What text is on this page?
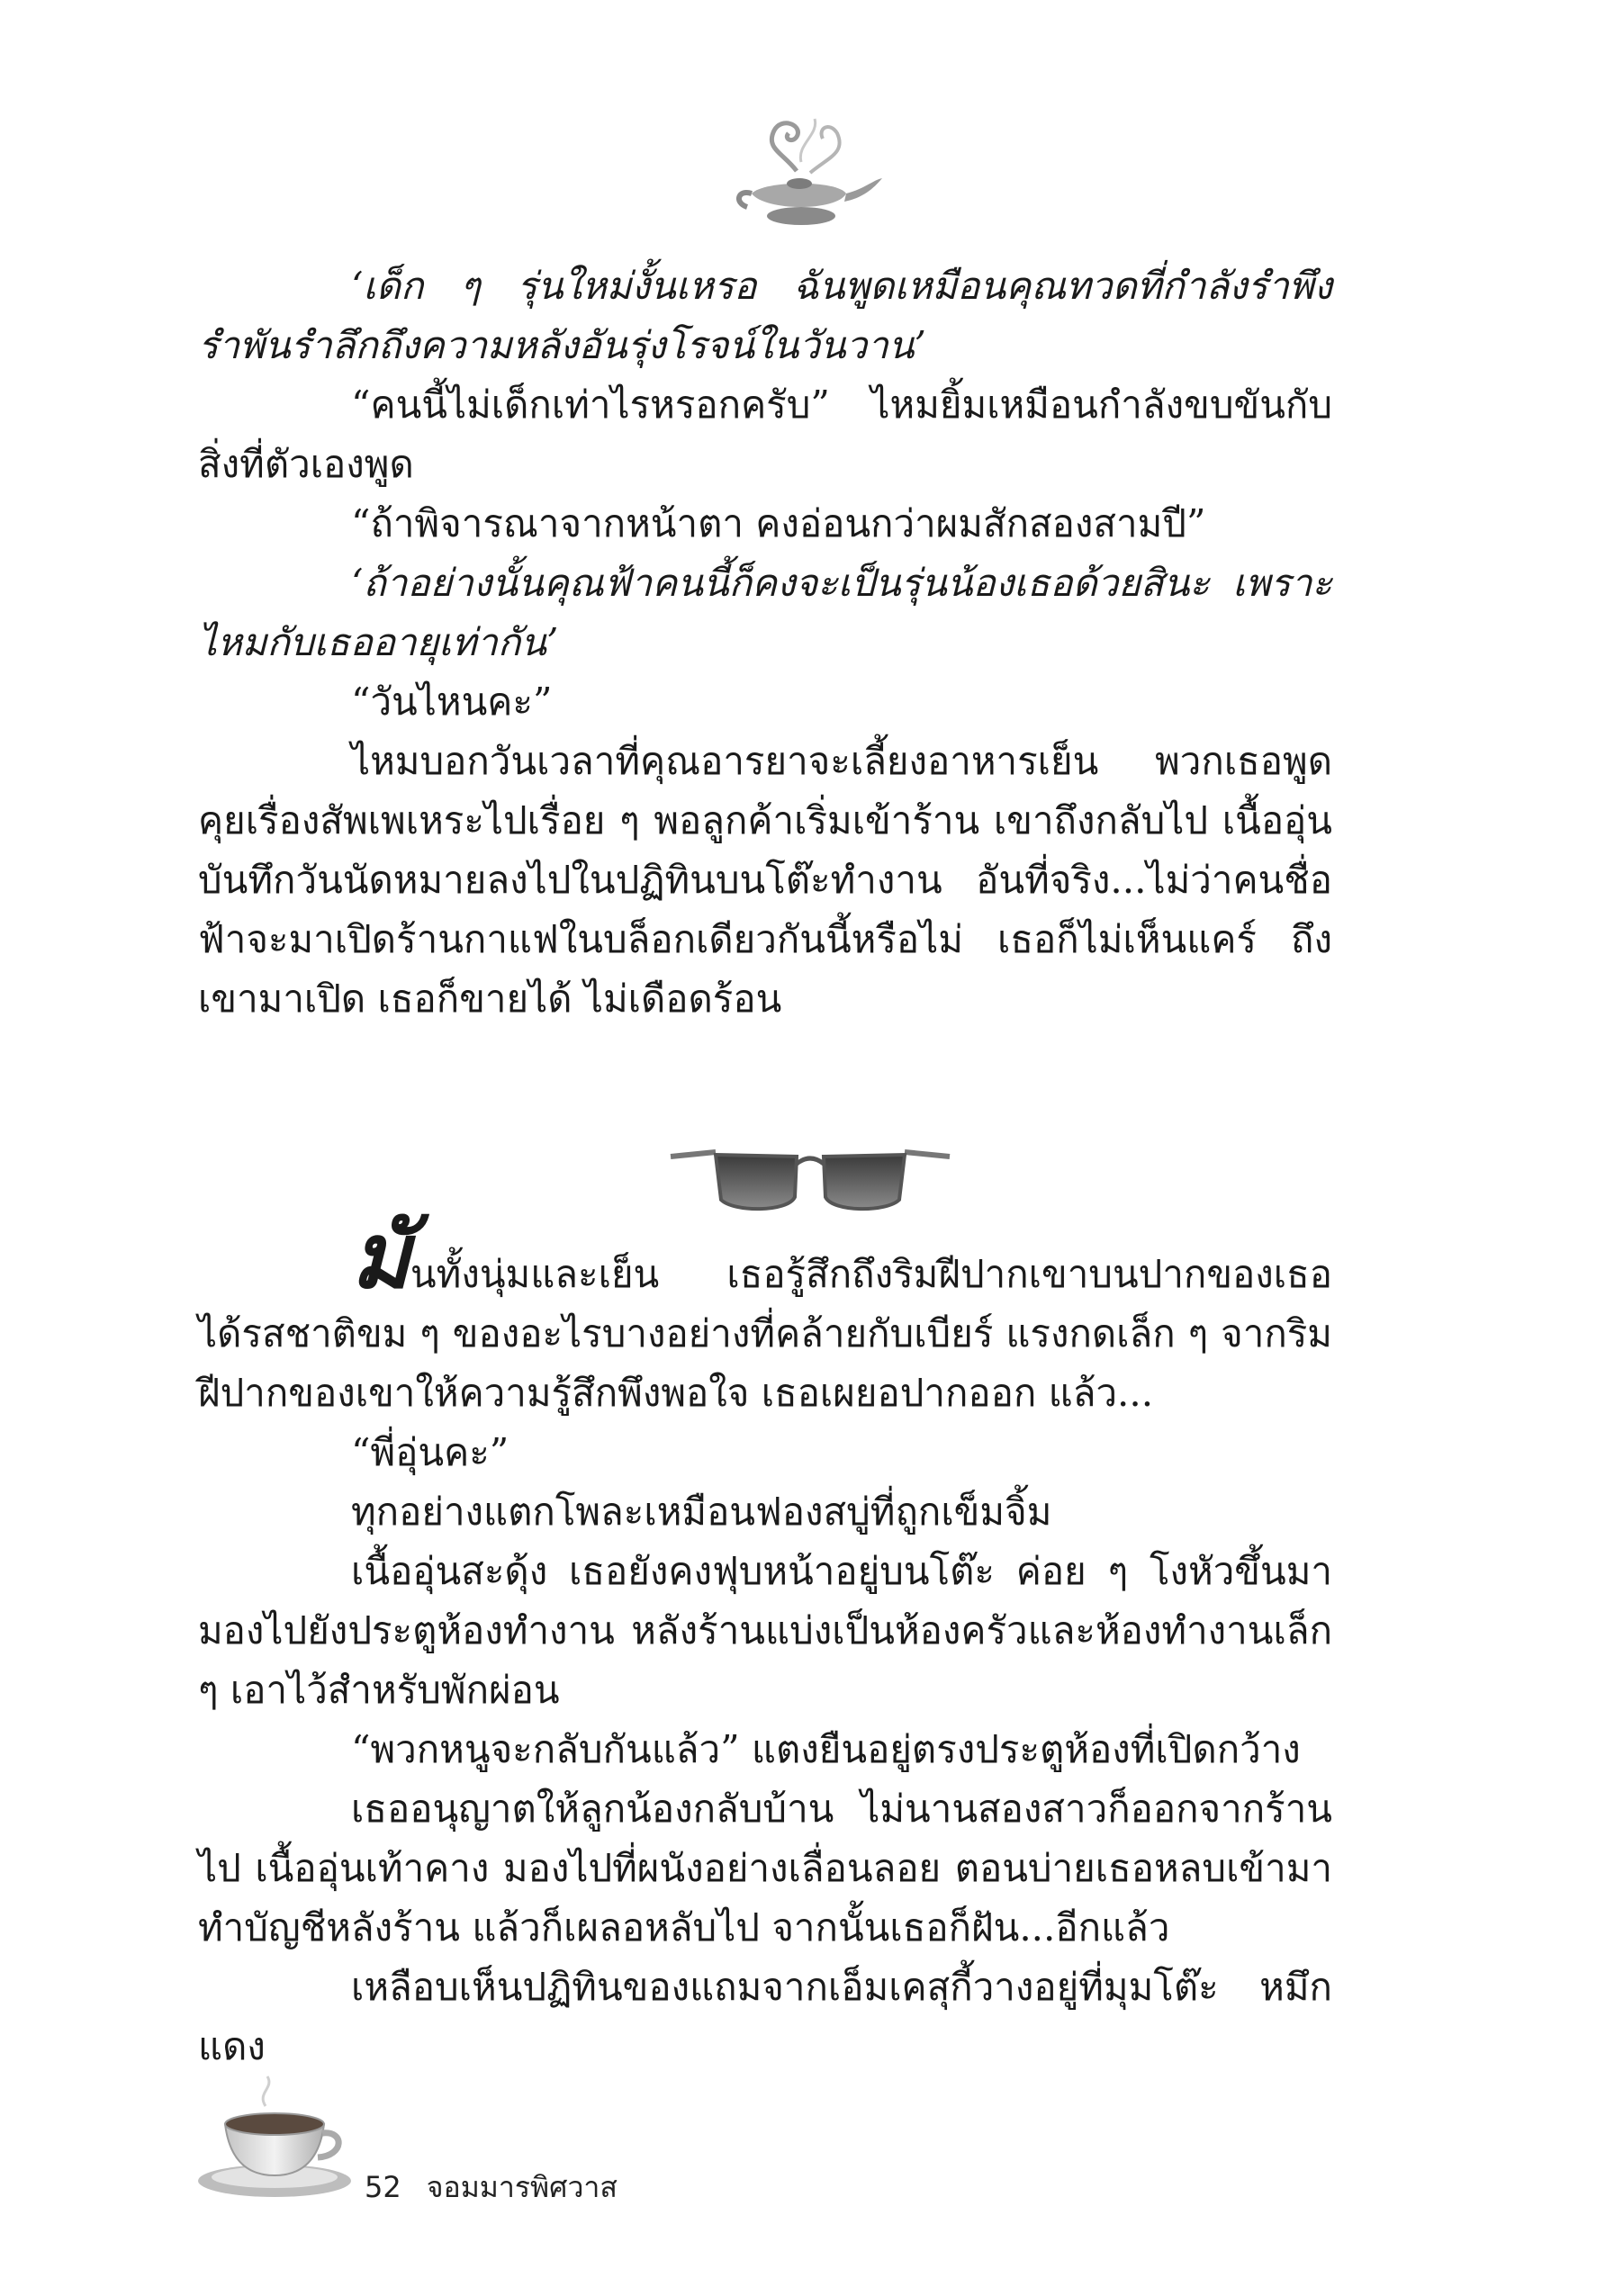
‘เด็ก ๆ รุ่นใหม่งั้นเหรอ ฉันพูดเหมือนคุณทวดที่กำลังรำพึงรำพันรำลึกถึงความหลังอันรุ่งโรจน์ในวันวาน’

“คนนี้ไม่เด็กเท่าไรหรอกครับ” ไหมยิ้มเหมือนกำลังขบขันกับสิ่งที่ตัวเองพูด

“ถ้าพิจารณาจากหน้าตา คงอ่อนกว่าผมสักสองสามปี”

‘ถ้าอย่างนั้นคุณฟ้าคนนี้ก็คงจะเป็นรุ่นน้องเธอด้วยสินะ เพราะไหมกับเธออายุเท่ากัน’

“วันไหนคะ”

ไหมบอกวันเวลาที่คุณอารยาจะเลี้ยงอาหารเย็น พวกเธอพูดคุยเรื่องสัพเพเหระไปเรื่อย ๆ พอลูกค้าเริ่มเข้าร้าน เขาถึงกลับไป เนื้ออุ่นบันทึกวันนัดหมายลงไปในปฏิทินบนโต๊ะทำงาน อันที่จริง...ไม่ว่าคนชื่อฟ้าจะมาเปิดร้านกาแฟในบล็อกเดียวกันนี้หรือไม่ เธอก็ไม่เห็นแคร์ ถึงเขามาเปิด เธอก็ขายได้ ไม่เดือดร้อน

มันทั้งนุ่มและเย็น เธอรู้สึกถึงริมฝีปากเขาบนปากของเธอ ได้รสชาติขม ๆ ของอะไรบางอย่างที่คล้ายกับเบียร์ แรงกดเล็ก ๆ จากริมฝีปากของเขาให้ความรู้สึกพึงพอใจ เธอเผยอปากออก แล้ว...

“พี่อุ่นคะ”

ทุกอย่างแตกโพละเหมือนฟองสบู่ที่ถูกเข็มจิ้ม

เนื้ออุ่นสะดุ้ง เธอยังคงฟุบหน้าอยู่บนโต๊ะ ค่อย ๆ โงหัวขึ้นมามองไปยังประตูห้องทำงาน หลังร้านแบ่งเป็นห้องครัวและห้องทำงานเล็ก ๆ เอาไว้สำหรับพักผ่อน

“พวกหนูจะกลับกันแล้ว” แตงยืนอยู่ตรงประตูห้องที่เปิดกว้าง

เธออนุญาตให้ลูกน้องกลับบ้าน ไม่นานสองสาวก็ออกจากร้านไป เนื้ออุ่นเท้าคาง มองไปที่ผนังอย่างเลื่อนลอย ตอนบ่ายเธอหลบเข้ามาทำบัญชีหลังร้าน แล้วก็เผลอหลับไป จากนั้นเธอก็ฝัน...อีกแล้ว

เหลือบเห็นปฏิทินของแถมจากเอ็มเคสุกี้วางอยู่ที่มุมโต๊ะ หมึกแดง

52 จอมมารพิศวาส
